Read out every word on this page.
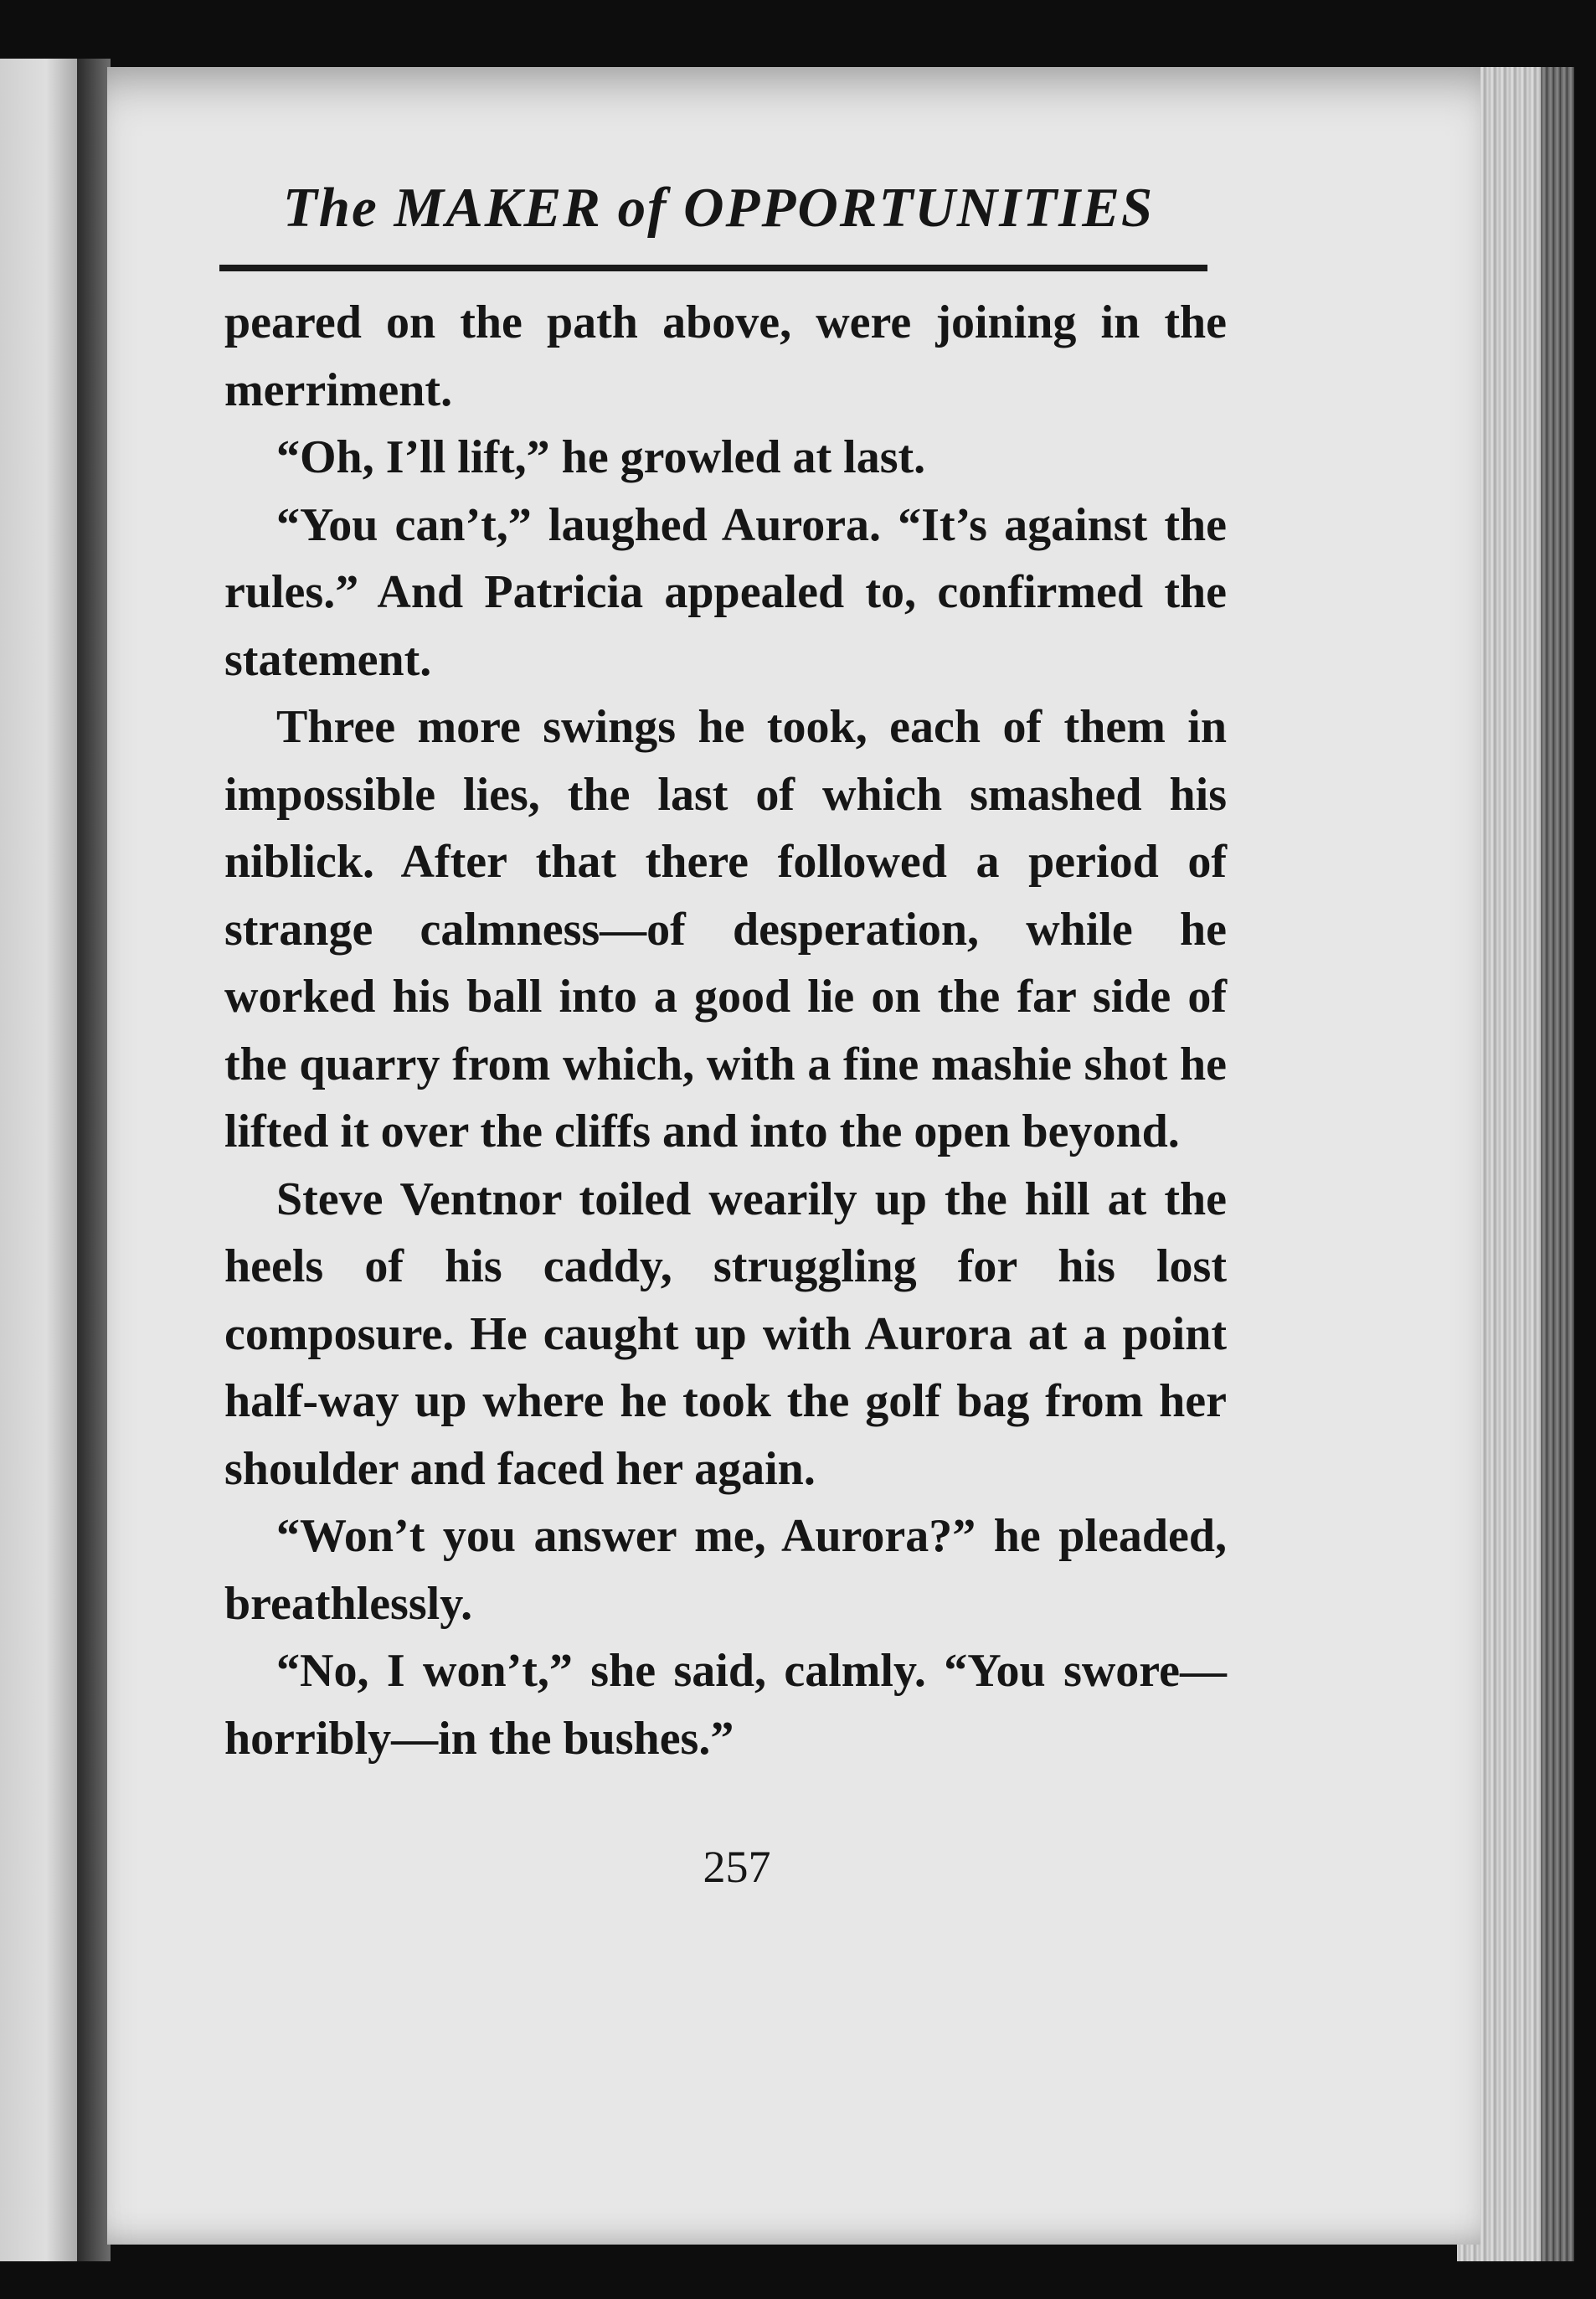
The MAKER of OPPORTUNITIES

peared on the path above, were joining in the merriment.

“Oh, I’ll lift,” he growled at last.

“You can’t,” laughed Aurora. “It’s against the rules.” And Patricia appealed to, confirmed the statement.

Three more swings he took, each of them in impossible lies, the last of which smashed his niblick. After that there followed a period of strange calmness—of desperation, while he worked his ball into a good lie on the far side of the quarry from which, with a fine mashie shot he lifted it over the cliffs and into the open beyond.

Steve Ventnor toiled wearily up the hill at the heels of his caddy, struggling for his lost composure. He caught up with Aurora at a point half-way up where he took the golf bag from her shoulder and faced her again.

“Won’t you answer me, Aurora?” he pleaded, breathlessly.

“No, I won’t,” she said, calmly. “You swore—horribly—in the bushes.”

257
